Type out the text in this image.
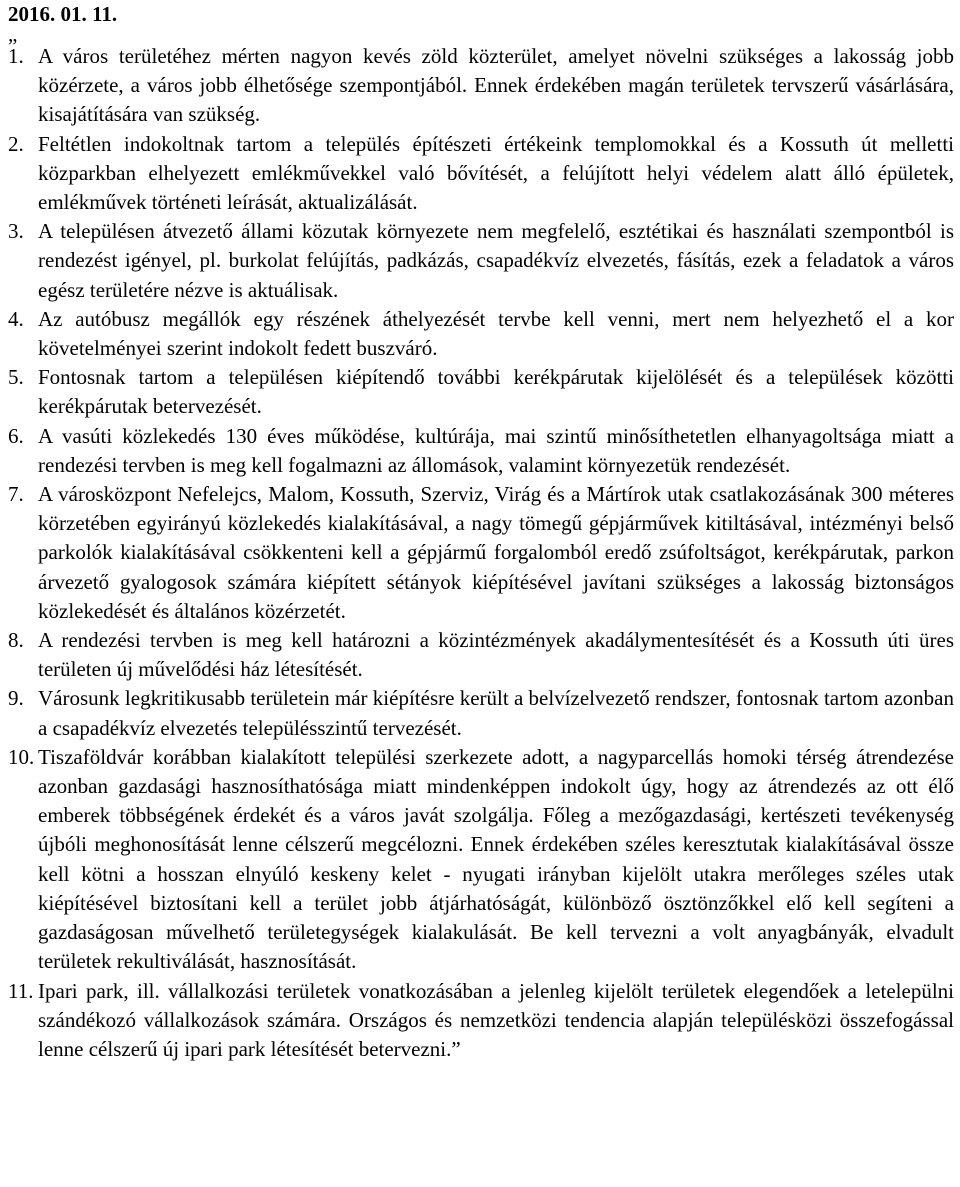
2016. 01. 11.

„

1. A város területéhez mérten nagyon kevés zöld közterület, amelyet növelni szükséges a lakosság jobb közérzete, a város jobb élhetősége szempontjából. Ennek érdekében magán területek tervszerű vásárlására, kisajátítására van szükség.
2. Feltétlen indokoltnak tartom a település építészeti értékeink templomokkal és a Kossuth út melletti közparkban elhelyezett emlékművekkel való bővítését, a felújított helyi védelem alatt álló épületek, emlékművek történeti leírását, aktualizálását.
3. A településen átvezető állami közutak környezete nem megfelelő, esztétikai és használati szempontból is rendezést igényel, pl. burkolat felújítás, padkázás, csapadékvíz elvezetés, fásítás, ezek a feladatok a város egész területére nézve is aktuálisak.
4. Az autóbusz megállók egy részének áthelyezését tervbe kell venni, mert nem helyezhető el a kor követelményei szerint indokolt fedett buszváró.
5. Fontosnak tartom a településen kiépítendő további kerékpárutak kijelölését és a települések közötti kerékpárutak betervezését.
6. A vasúti közlekedés 130 éves működése, kultúrája, mai szintű minősíthetetlen elhanyagoltsága miatt a rendezési tervben is meg kell fogalmazni az állomások, valamint környezetük rendezését.
7. A városközpont Nefelejcs, Malom, Kossuth, Szerviz, Virág és a Mártírok utak csatlakozásának 300 méteres körzetében egyirányú közlekedés kialakításával, a nagy tömegű gépjárművek kitiltásával, intézményi belső parkolók kialakításával csökkenteni kell a gépjármű forgalomból eredő zsúfoltságot, kerékpárutak, parkon árvezető gyalogosok számára kiépített sétányok kiépítésével javítani szükséges a lakosság biztonságos közlekedését és általános közérzetét.
8. A rendezési tervben is meg kell határozni a közintézmények akadálymentesítését és a Kossuth úti üres területen új művelődési ház létesítését.
9. Városunk legkritikusabb területein már kiépítésre került a belvízelvezető rendszer, fontosnak tartom azonban a csapadékvíz elvezetés településszintű tervezését.
10. Tiszaföldvár korábban kialakított települési szerkezete adott, a nagyparcellás homoki térség átrendezése azonban gazdasági hasznosíthatósága miatt mindenképpen indokolt úgy, hogy az átrendezés az ott élő emberek többségének érdekét és a város javát szolgálja. Főleg a mezőgazdasági, kertészeti tevékenység újbóli meghonosítását lenne célszerű megcélozni. Ennek érdekében széles keresztutak kialakításával össze kell kötni a hosszan elnyúló keskeny kelet - nyugati irányban kijelölt utakra merőleges széles utak kiépítésével biztosítani kell a terület jobb átjárhatóságát, különböző ösztönzőkkel elő kell segíteni a gazdaságosan művelhető területegységek kialakulását. Be kell tervezni a volt anyagbányák, elvadult területek rekultiválását, hasznosítását.
11. Ipari park, ill. vállalkozási területek vonatkozásában a jelenleg kijelölt területek elegendőek a letelepülni szándékozó vállalkozások számára. Országos és nemzetközi tendencia alapján településközi összefogással lenne célszerű új ipari park létesítését betervezni.”
